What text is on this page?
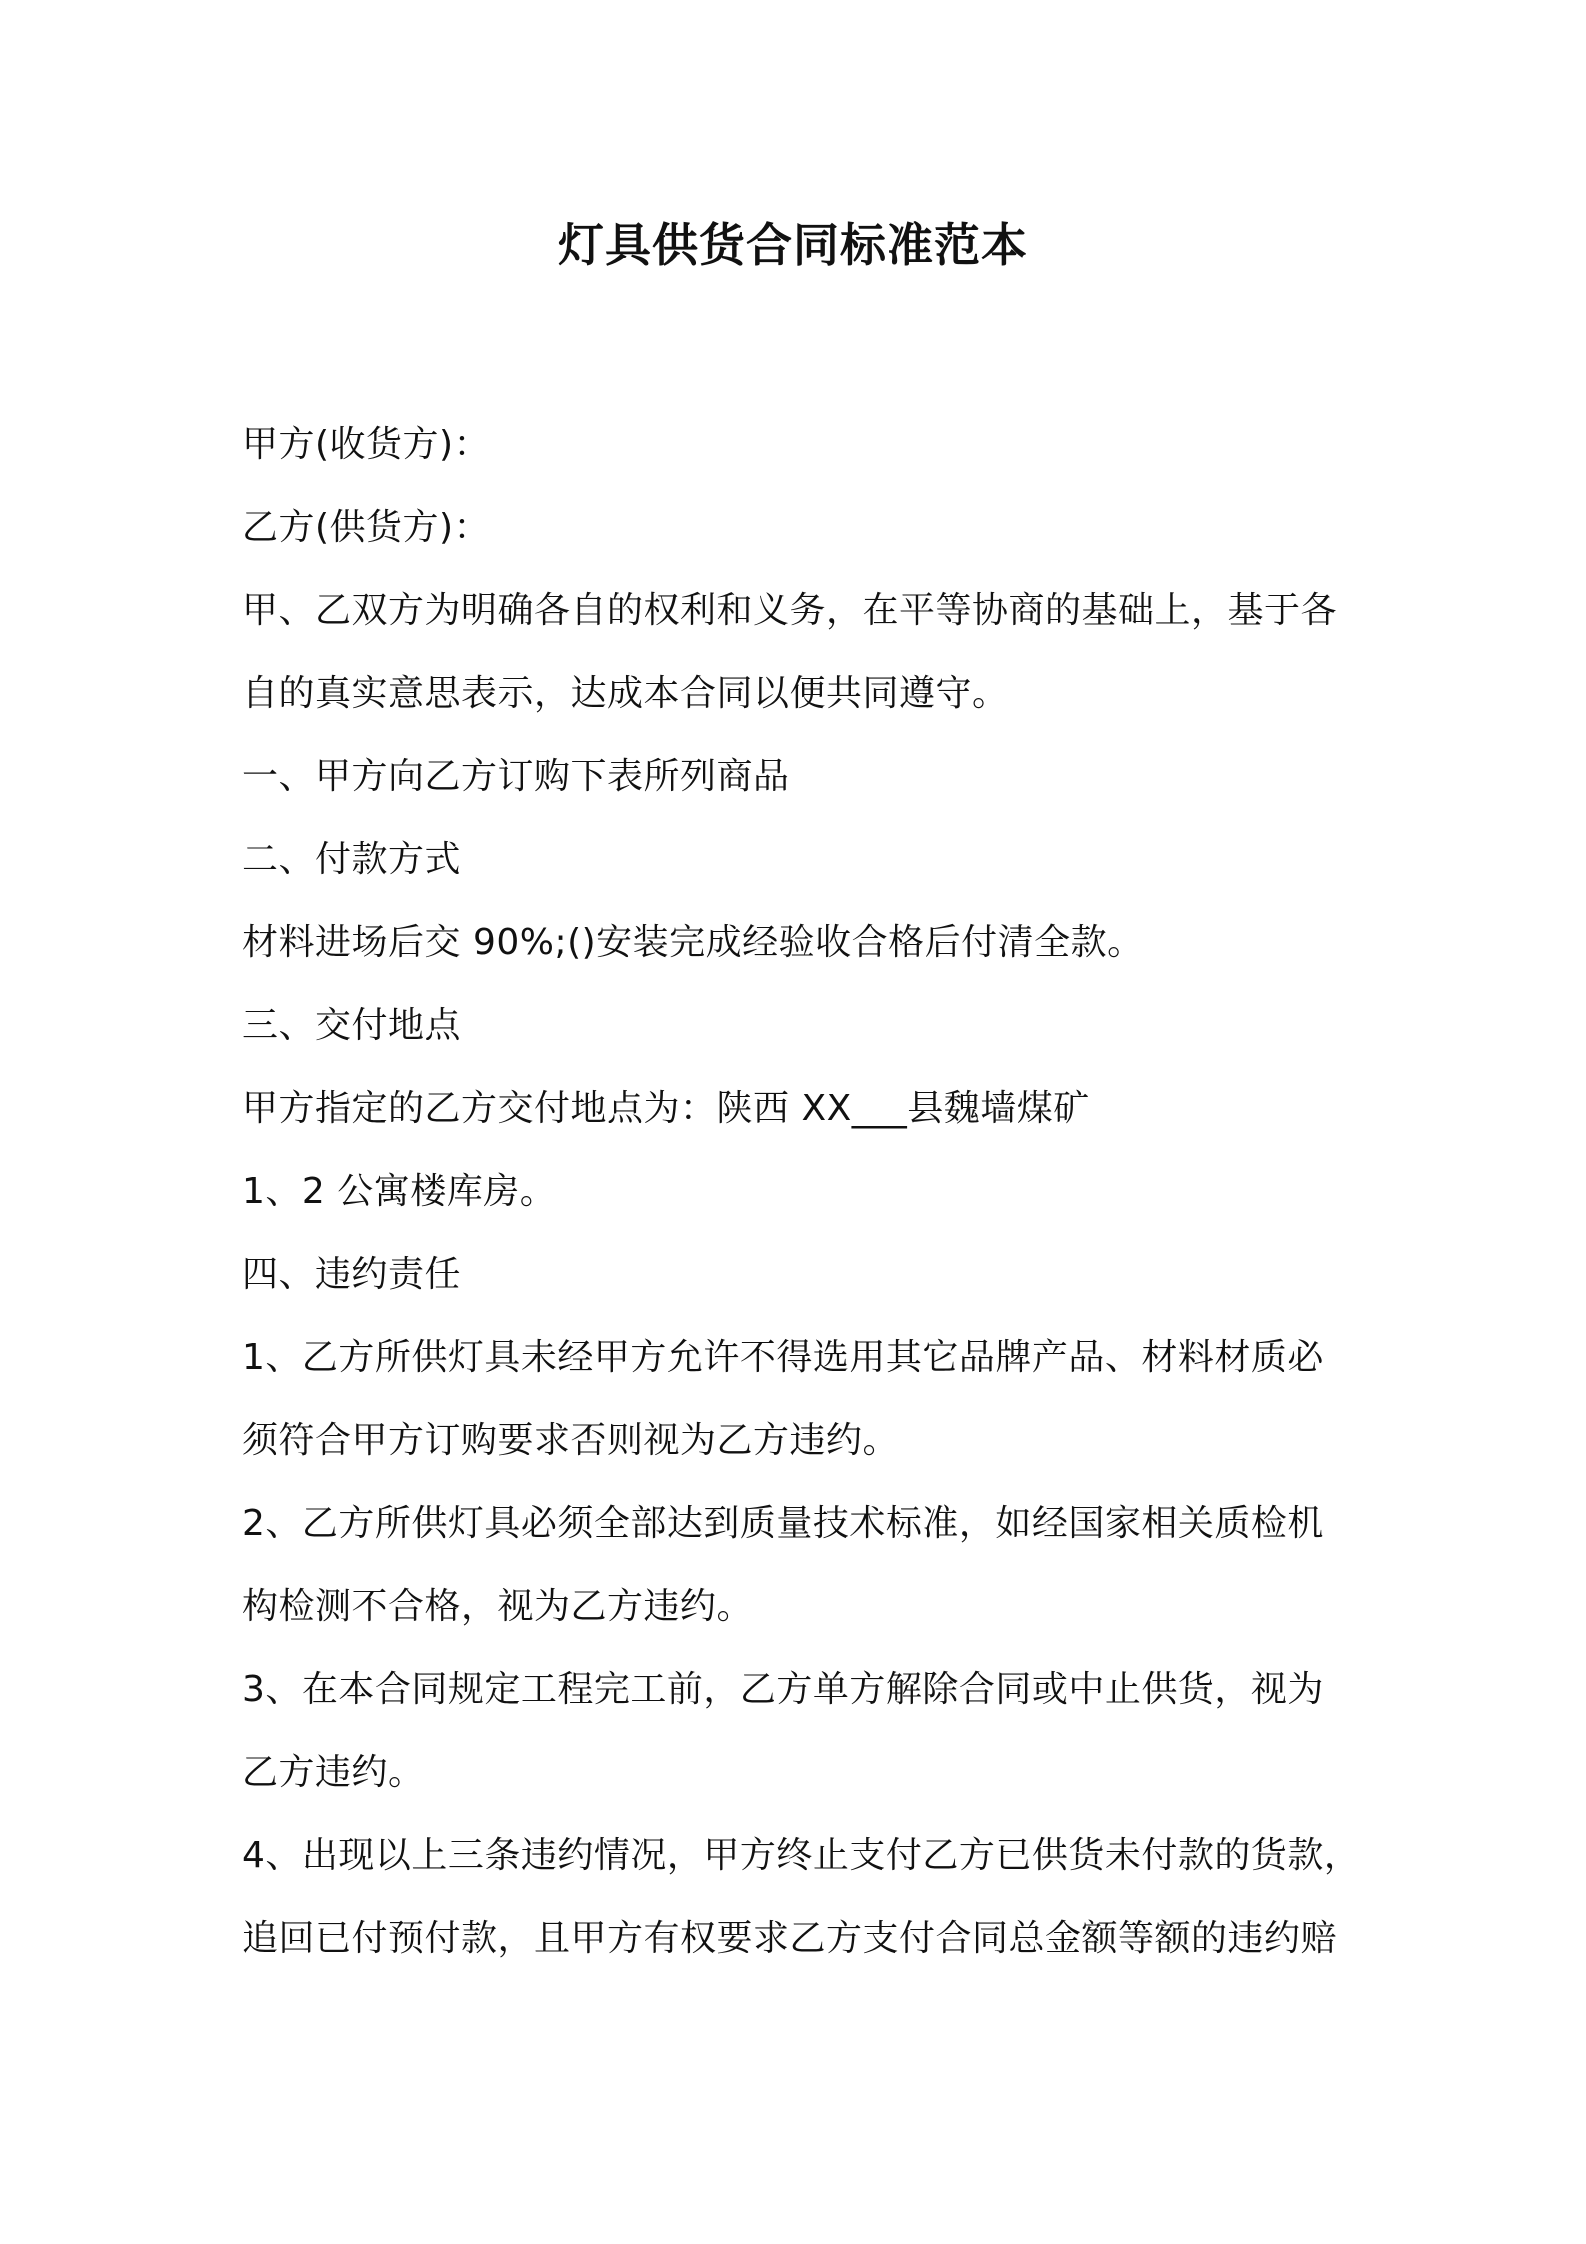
灯具供货合同标准范本

甲方(收货方)：

乙方(供货方)：

甲、乙双方为明确各自的权利和义务，在平等协商的基础上，基于各

自的真实意思表示，达成本合同以便共同遵守。

一、甲方向乙方订购下表所列商品

二、付款方式

材料进场后交 90%;()安装完成经验收合格后付清全款。

三、交付地点

甲方指定的乙方交付地点为：陕西 XX___县魏墙煤矿

1、2 公寓楼库房。

四、违约责任

1、乙方所供灯具未经甲方允许不得选用其它品牌产品、材料材质必

须符合甲方订购要求否则视为乙方违约。

2、乙方所供灯具必须全部达到质量技术标准，如经国家相关质检机

构检测不合格，视为乙方违约。

3、在本合同规定工程完工前，乙方单方解除合同或中止供货，视为

乙方违约。

4、出现以上三条违约情况，甲方终止支付乙方已供货未付款的货款，

追回已付预付款，且甲方有权要求乙方支付合同总金额等额的违约赔
